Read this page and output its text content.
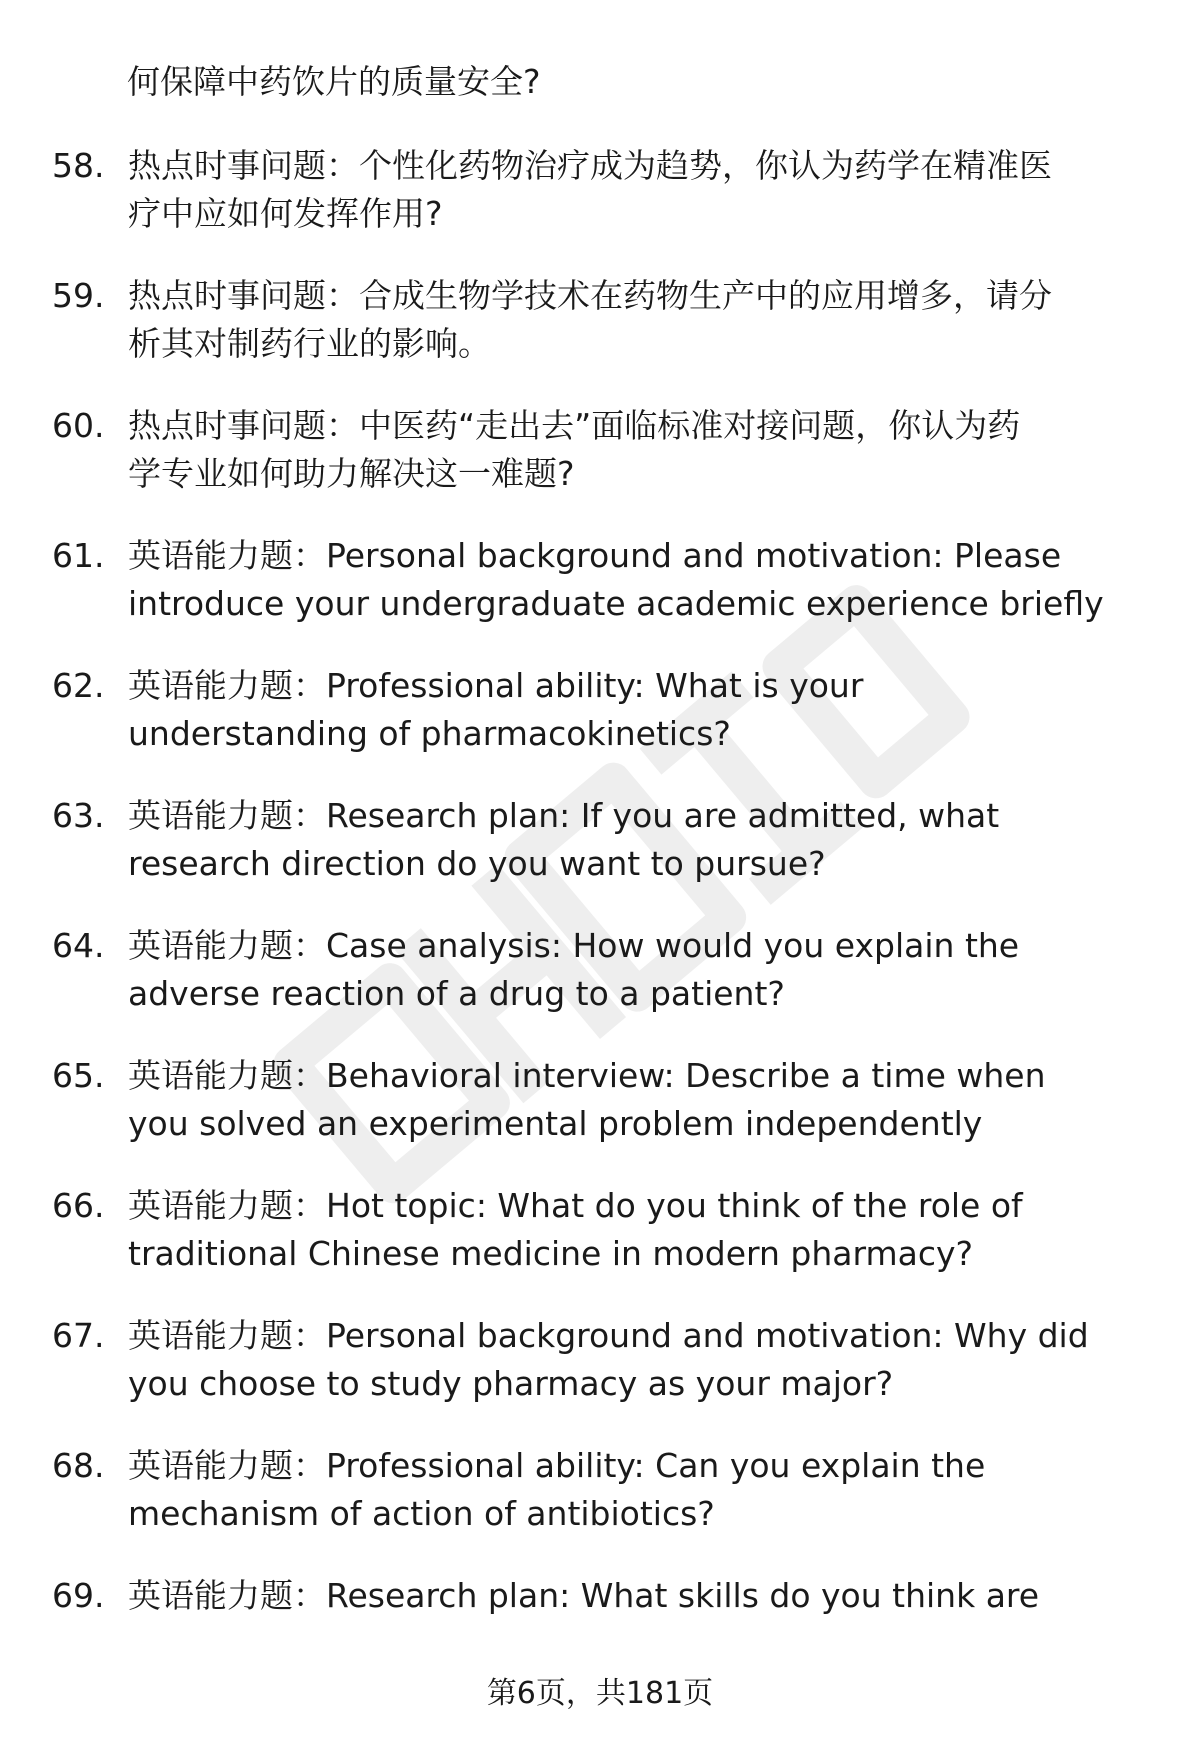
何保障中药饮片的质量安全?
58. 热点时事问题：个性化药物治疗成为趋势，你认为药学在精准医
疗中应如何发挥作用?
59. 热点时事问题：合成生物学技术在药物生产中的应用增多，请分
析其对制药行业的影响。
60. 热点时事问题：中医药“走出去”面临标准对接问题，你认为药
学专业如何助力解决这一难题?
61. 英语能力题：Personal background and motivation: Please
introduce your undergraduate academic experience briefly
62. 英语能力题：Professional ability: What is your
understanding of pharmacokinetics?
63. 英语能力题：Research plan: If you are admitted, what
research direction do you want to pursue?
64. 英语能力题：Case analysis: How would you explain the
adverse reaction of a drug to a patient?
65. 英语能力题：Behavioral interview: Describe a time when
you solved an experimental problem independently
66. 英语能力题：Hot topic: What do you think of the role of
traditional Chinese medicine in modern pharmacy?
67. 英语能力题：Personal background and motivation: Why did
you choose to study pharmacy as your major?
68. 英语能力题：Professional ability: Can you explain the
mechanism of action of antibiotics?
69. 英语能力题：Research plan: What skills do you think are
第6页，共181页
